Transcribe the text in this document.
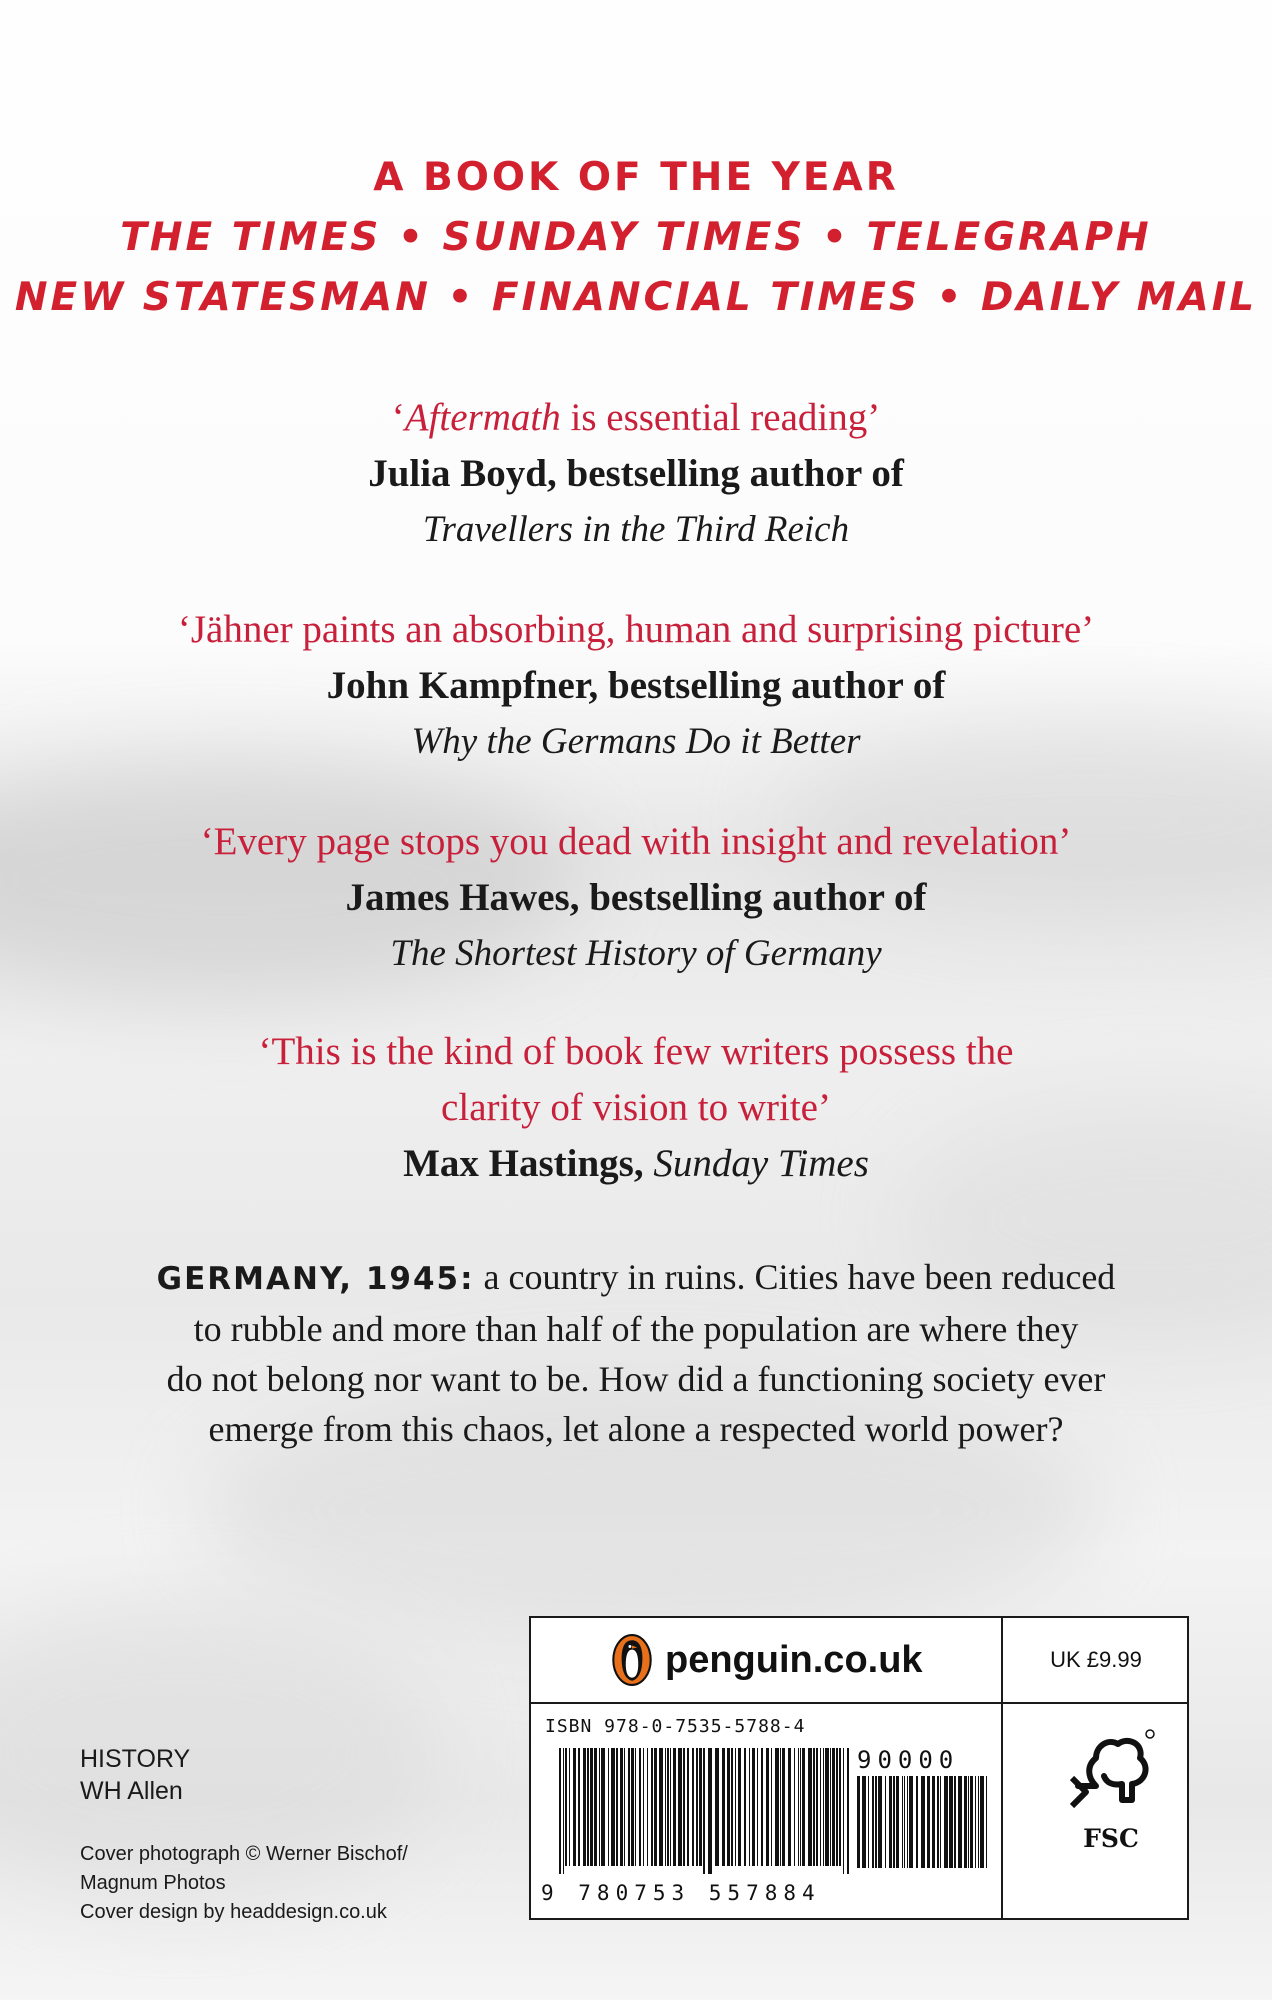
A BOOK OF THE YEAR
THE TIMES • SUNDAY TIMES • TELEGRAPH
NEW STATESMAN • FINANCIAL TIMES • DAILY MAIL
‘Aftermath is essential reading’
Julia Boyd, bestselling author of
Travellers in the Third Reich
‘Jähner paints an absorbing, human and surprising picture’
John Kampfner, bestselling author of
Why the Germans Do it Better
‘Every page stops you dead with insight and revelation’
James Hawes, bestselling author of
The Shortest History of Germany
‘This is the kind of book few writers possess the
clarity of vision to write’
Max Hastings, Sunday Times
GERMANY, 1945: a country in ruins. Cities have been reduced
to rubble and more than half of the population are where they
do not belong nor want to be. How did a functioning society ever
emerge from this chaos, let alone a respected world power?
HISTORY
WH Allen
Cover photograph © Werner Bischof/
Magnum Photos
Cover design by headdesign.co.uk
penguin.co.uk	UK £9.99
ISBN 978-0-7535-5788-4
90000
9 780753 557884
FSC
